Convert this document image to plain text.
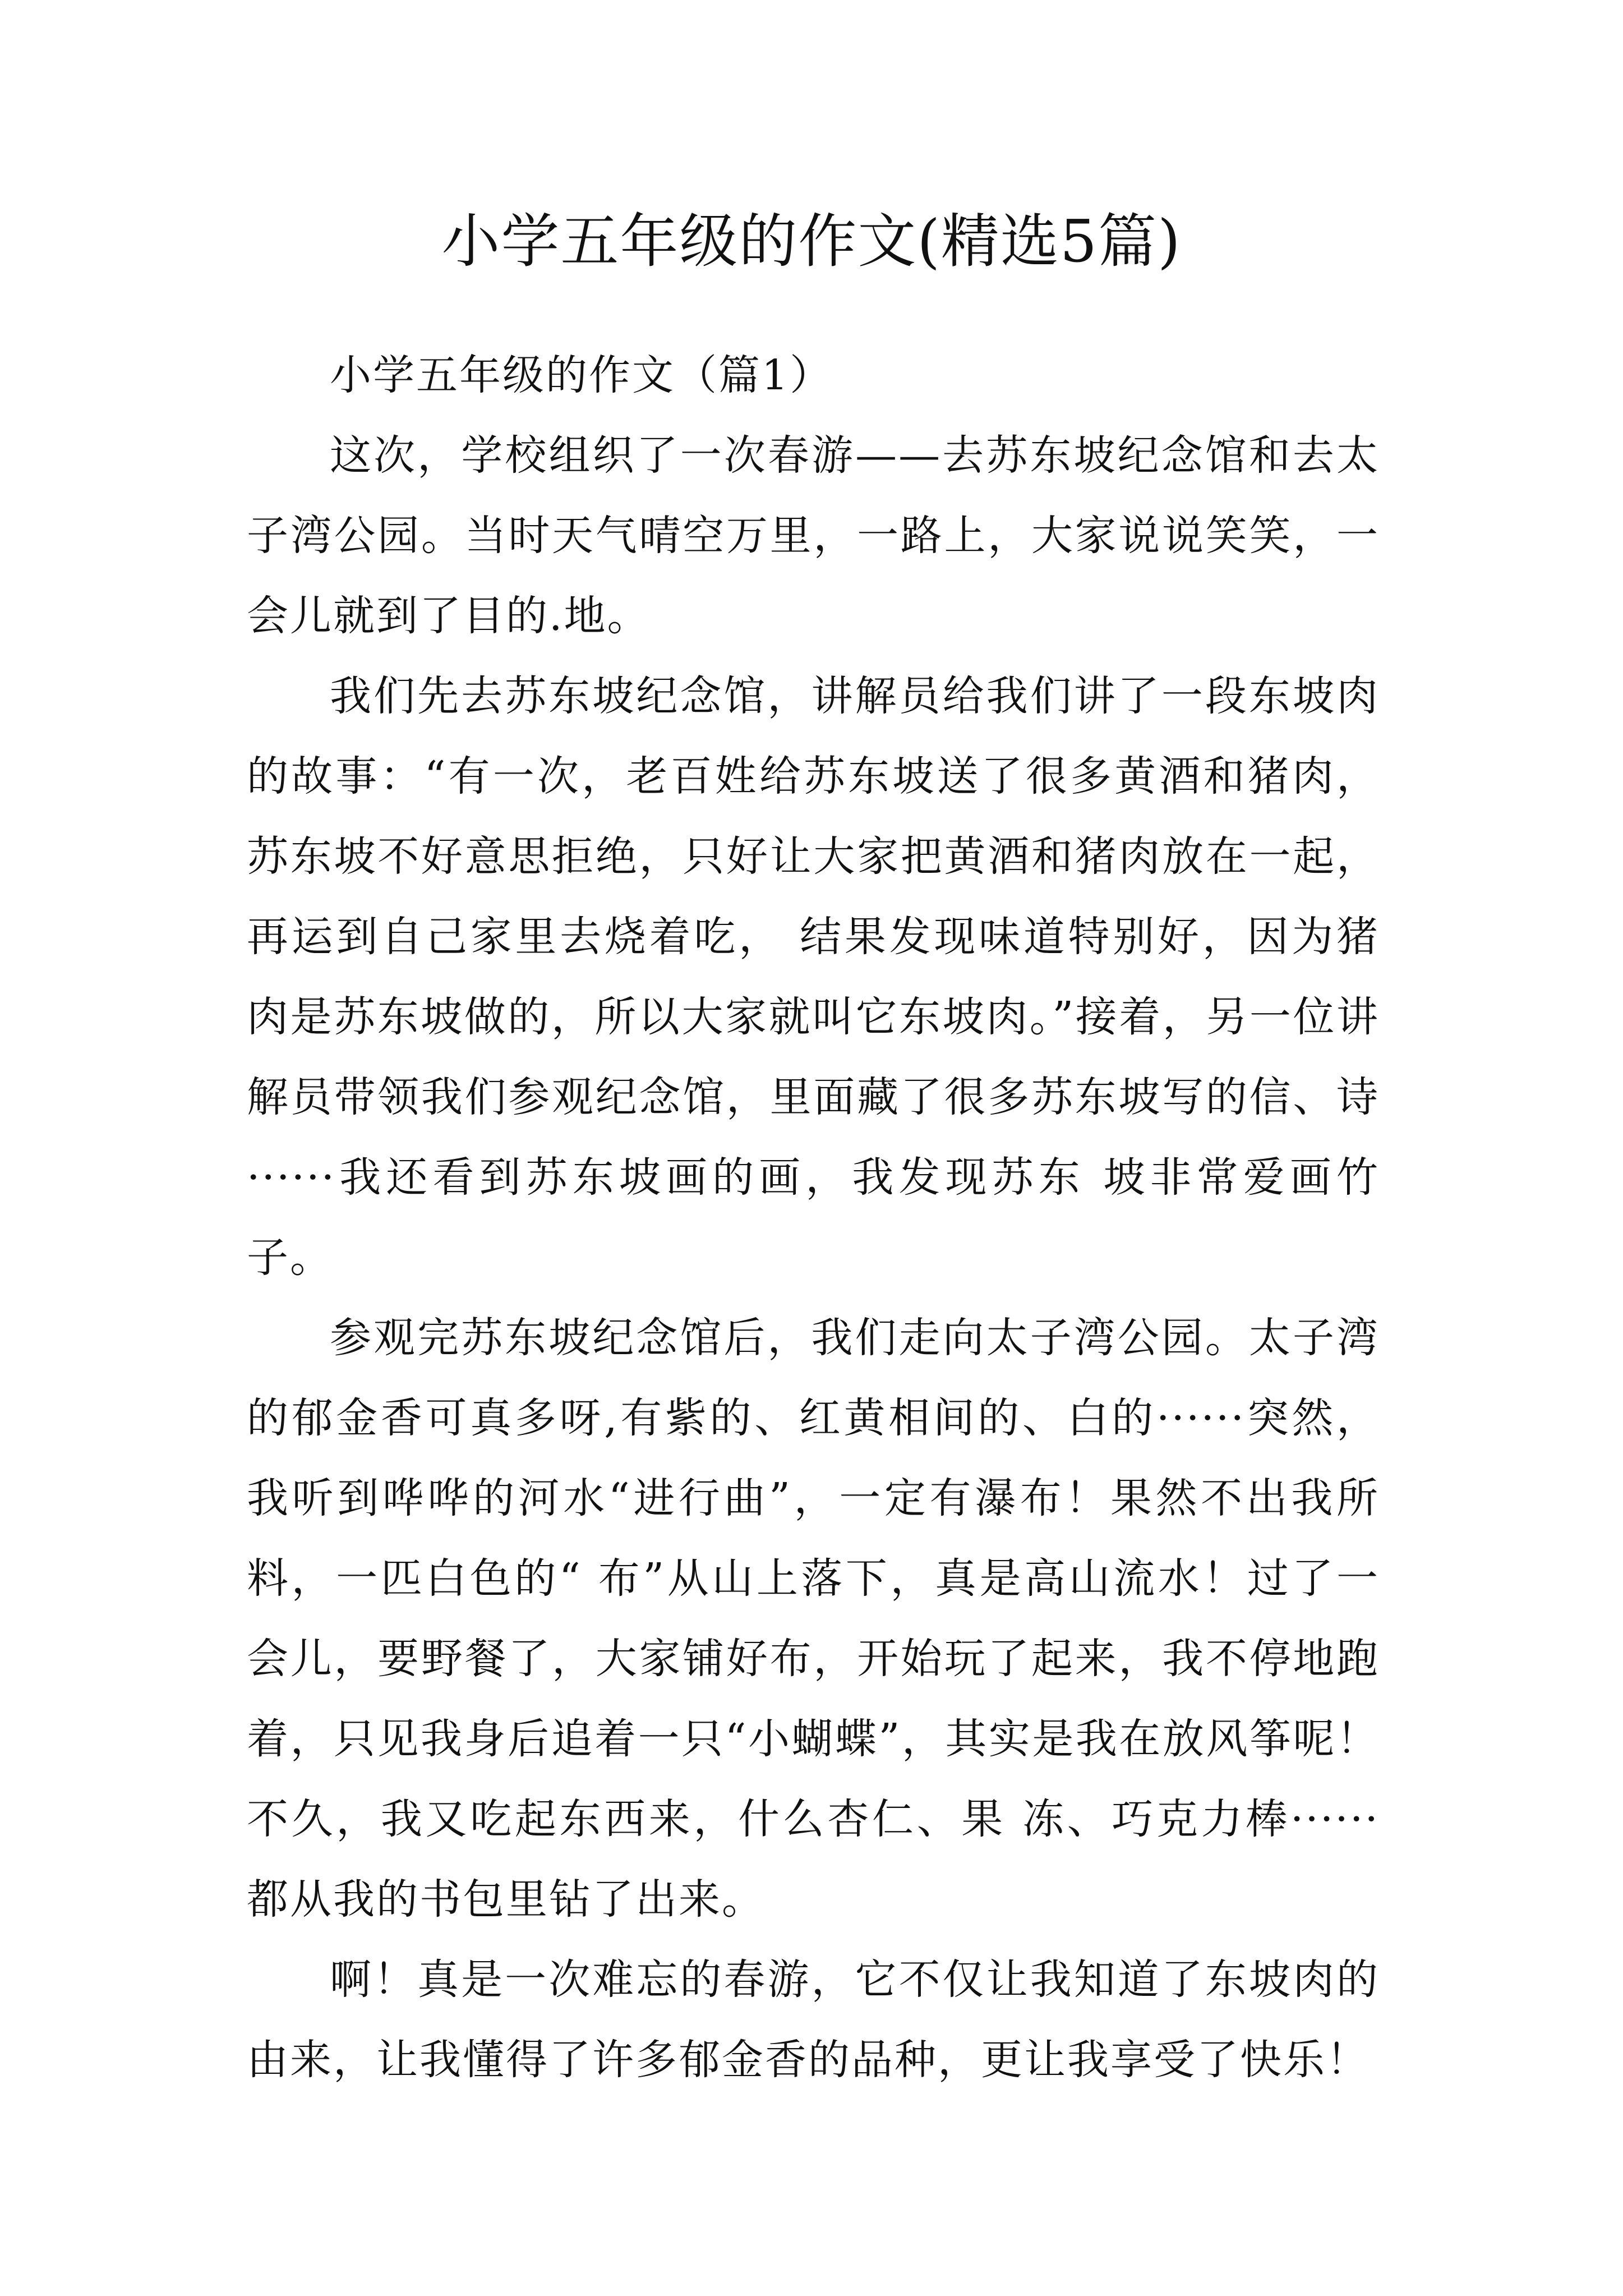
小学五年级的作文(精选5篇)

小学五年级的作文（篇1）

这次，学校组织了一次春游——去苏东坡纪念馆和去太子湾公园。当时天气晴空万里，一路上，大家说说笑笑，一会儿就到了目的.地。

我们先去苏东坡纪念馆，讲解员给我们讲了一段东坡肉的故事：“有一次，老百姓给苏东坡送了很多黄酒和猪肉，苏东坡不好意思拒绝，只好让大家把黄酒和猪肉放在一起，再运到自己家里去烧着吃， 结果发现味道特别好，因为猪肉是苏东坡做的，所以大家就叫它东坡肉。”接着，另一位讲解员带领我们参观纪念馆，里面藏了很多苏东坡写的信、诗······我还看到苏东坡画的画，我发现苏东 坡非常爱画竹子。

参观完苏东坡纪念馆后，我们走向太子湾公园。太子湾的郁金香可真多呀,有紫的、红黄相间的、白的······突然，我听到哗哗的河水“进行曲”，一定有瀑布！果然不出我所料，一匹白色的“ 布”从山上落下，真是高山流水！过了一会儿，要野餐了，大家铺好布，开始玩了起来，我不停地跑着，只见我身后追着一只“小蝴蝶”，其实是我在放风筝呢！不久，我又吃起东西来，什么杏仁、果 冻、巧克力棒······都从我的书包里钻了出来。

啊！真是一次难忘的春游，它不仅让我知道了东坡肉的由来，让我懂得了许多郁金香的品种，更让我享受了快乐！
